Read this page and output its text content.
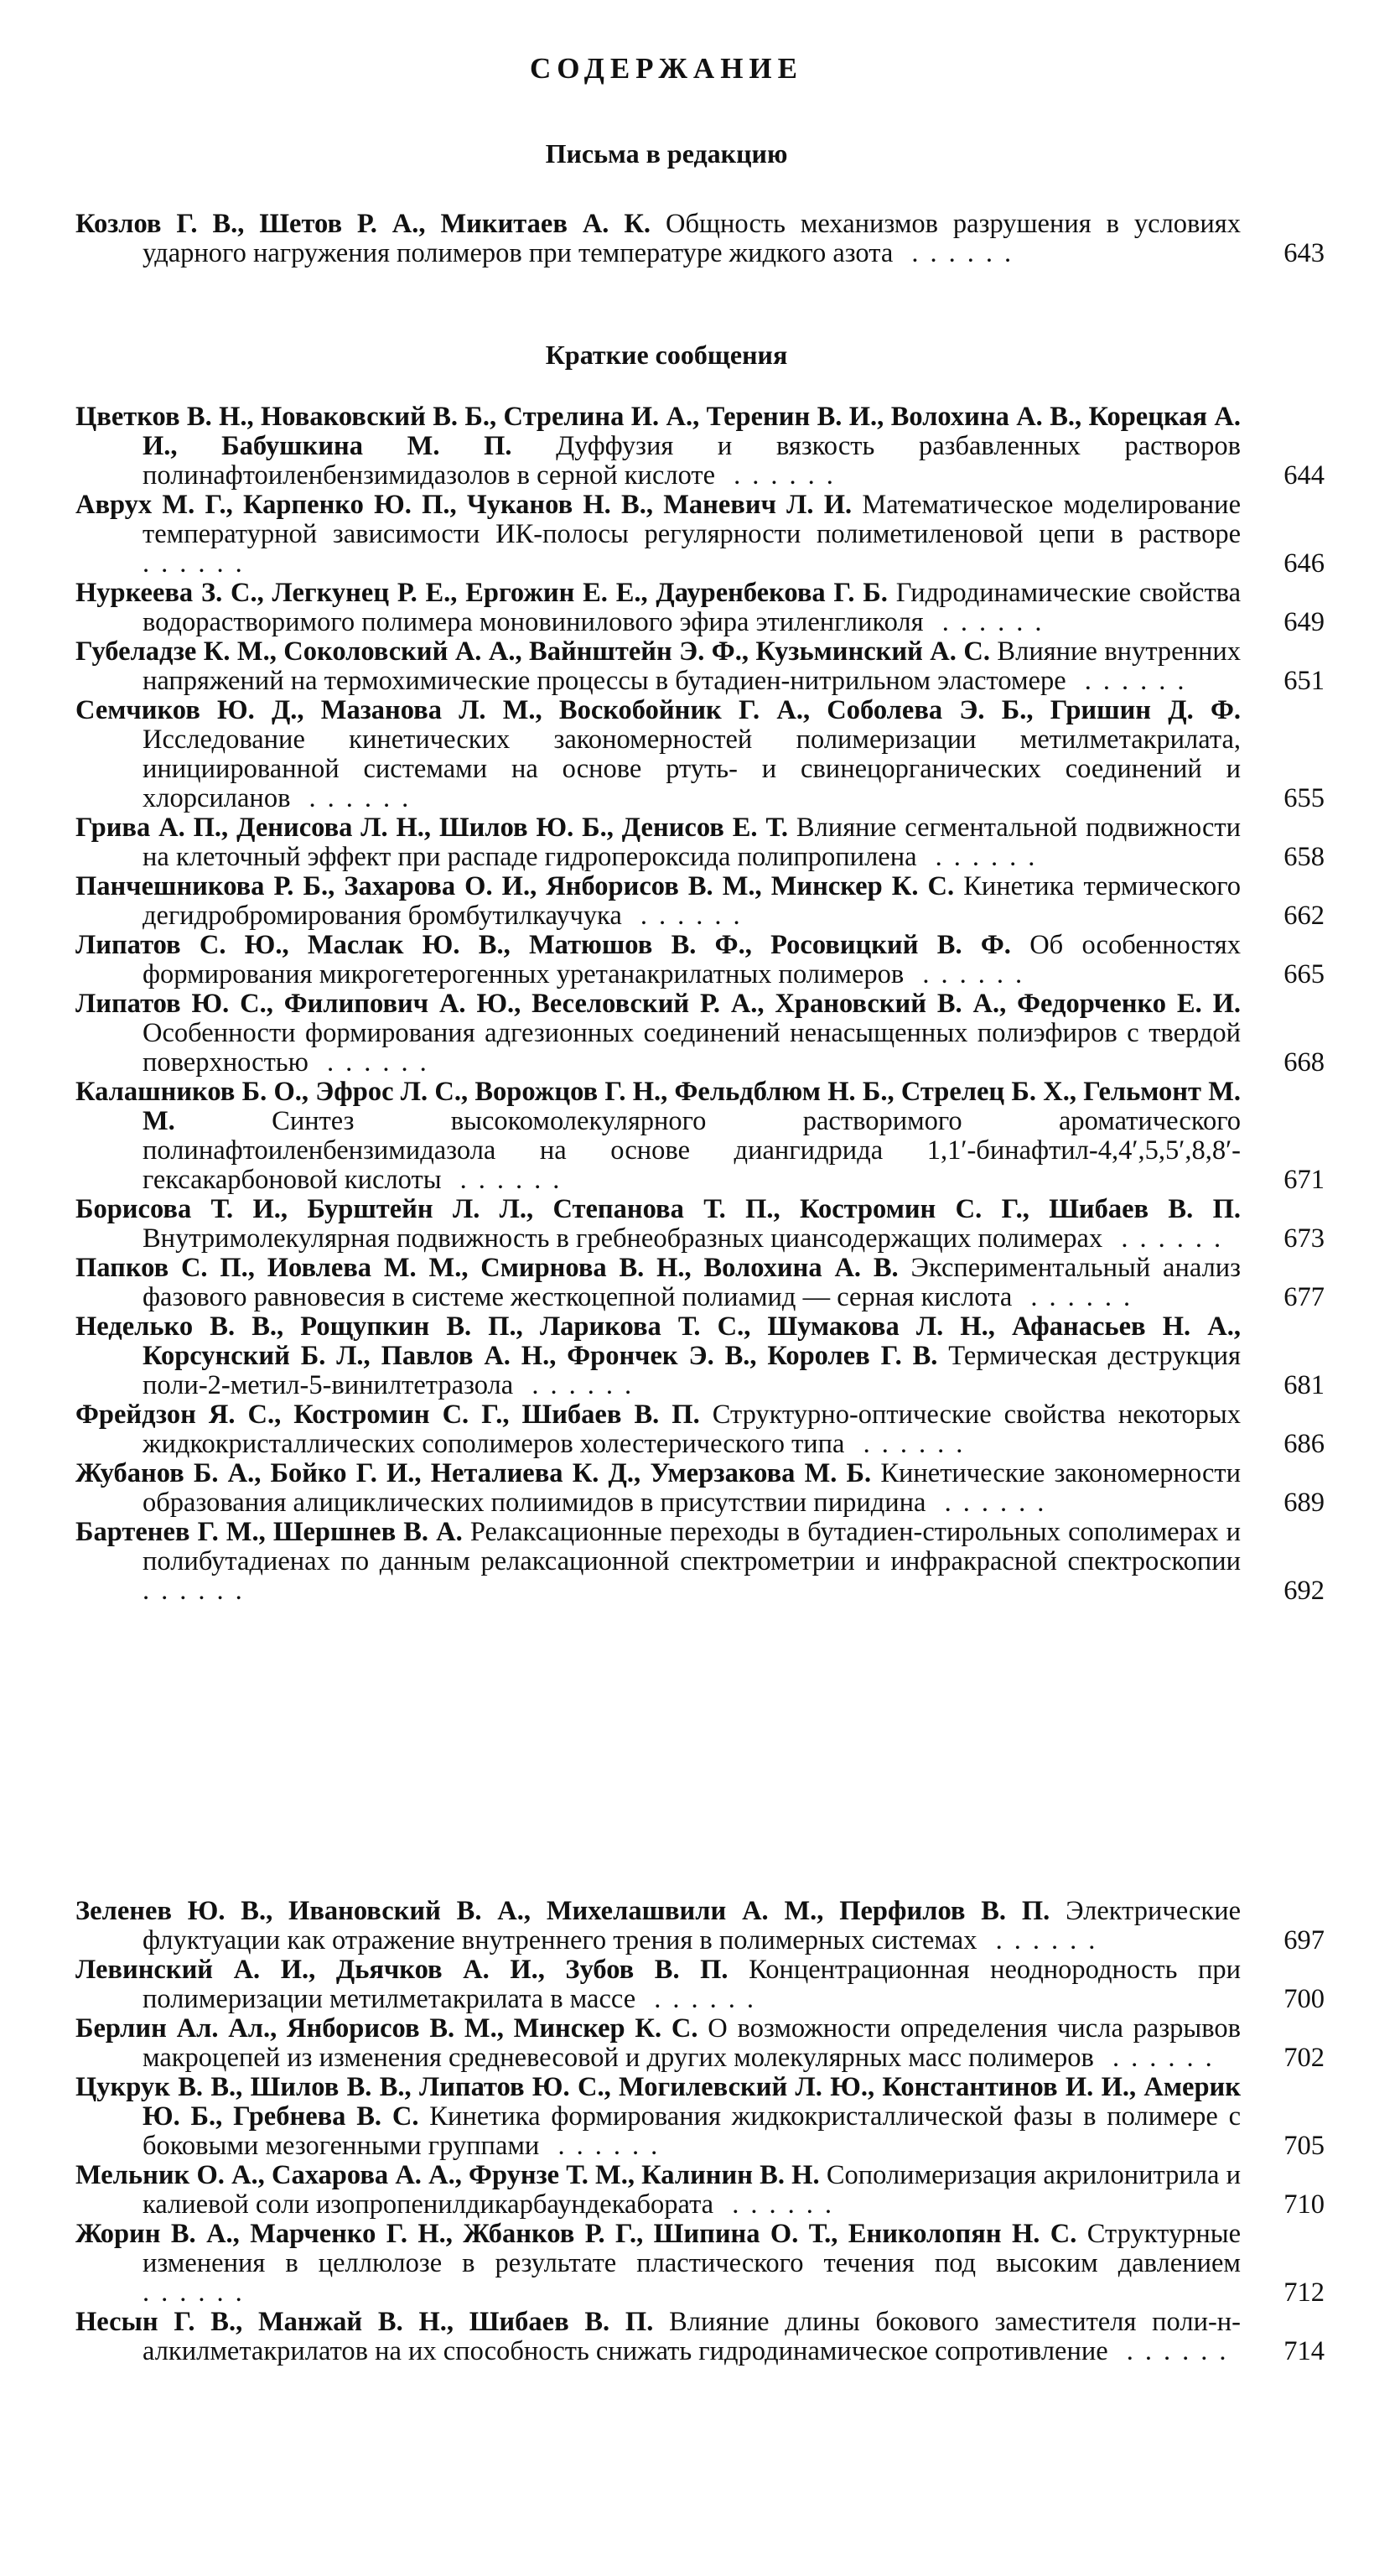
СОДЕРЖАНИЕ
Письма в редакцию
Козлов Г. В., Шетов Р. А., Микитаев А. К. Общность механизмов разрушения в условиях ударного нагружения полимеров при температуре жидкого азота ......	643
Краткие сообщения
Цветков В. Н., Новаковский В. Б., Стрелина И. А., Теренин В. И., Волохина А. В., Корецкая А. И., Бабушкина М. П. Дуффузия и вязкость разбавленных растворов полинафтоиленбензимидазолов в серной кислоте ......	644
Аврух М. Г., Карпенко Ю. П., Чуканов Н. В., Маневич Л. И. Математическое моделирование температурной зависимости ИК-полосы регулярности полиметиленовой цепи в растворе ......	646
Нуркеева З. С., Легкунец Р. Е., Ергожин Е. Е., Дауренбекова Г. Б. Гидродинамические свойства водорастворимого полимера моновинилового эфира этиленгликоля ......	649
Губеладзе К. М., Соколовский А. А., Вайнштейн Э. Ф., Кузьминский А. С. Влияние внутренних напряжений на термохимические процессы в бутадиен-нитрильном эластомере ......	651
Семчиков Ю. Д., Мазанова Л. М., Воскобойник Г. А., Соболева Э. Б., Гришин Д. Ф. Исследование кинетических закономерностей полимеризации метилметакрилата, инициированной системами на основе ртуть- и свинецорганических соединений и хлорсиланов ......	655
Грива А. П., Денисова Л. Н., Шилов Ю. Б., Денисов Е. Т. Влияние сегментальной подвижности на клеточный эффект при распаде гидропероксида полипропилена ......	658
Панчешникова Р. Б., Захарова О. И., Янборисов В. М., Минскер К. С. Кинетика термического дегидробромирования бромбутилкаучука ......	662
Липатов С. Ю., Маслак Ю. В., Матюшов В. Ф., Росовицкий В. Ф. Об особенностях формирования микрогетерогенных уретанакрилатных полимеров ......	665
Липатов Ю. С., Филипович А. Ю., Веселовский Р. А., Храновский В. А., Федорченко Е. И. Особенности формирования адгезионных соединений ненасыщенных полиэфиров с твердой поверхностью ......	668
Калашников Б. О., Эфрос Л. С., Ворожцов Г. Н., Фельдблюм Н. Б., Стрелец Б. Х., Гельмонт М. М.	Синтез высокомолекулярного растворимого ароматического полинафтоиленбензимидазола на основе диангидрида 1,1′-бинафтил-4,4′,5,5′,8,8′-гексакарбоновой кислоты ......	671
Борисова Т. И., Бурштейн Л. Л., Степанова Т. П., Костромин С. Г., Шибаев В. П. Внутримолекулярная подвижность в гребнеобразных циансодержащих полимерах ......	673
Папков С. П., Иовлева М. М., Смирнова В. Н., Волохина А. В. Экспериментальный анализ фазового равновесия в системе жесткоцепной полиамид — серная кислота ......	677
Неделько В. В., Рощупкин В. П., Ларикова Т. С., Шумакова Л. Н., Афанасьев Н. А., Корсунский Б. Л., Павлов А. Н., Фрончек Э. В., Королев Г. В. Термическая деструкция поли-2-метил-5-винилтетразола ......	681
Фрейдзон Я. С., Костромин С. Г., Шибаев В. П. Структурно-оптические свойства некоторых жидкокристаллических сополимеров холестерического типа ......	686
Жубанов Б. А., Бойко Г. И., Неталиева К. Д., Умерзакова М. Б. Кинетические закономерности образования алициклических полиимидов в присутствии пиридина ......	689
Бартенев Г. М., Шершнев В. А. Релаксационные переходы в бутадиен-стирольных сополимерах и полибутадиенах по данным релаксационной спектрометрии и инфракрасной спектроскопии ......	692
Зеленев Ю. В., Ивановский В. А., Михелашвили А. М., Перфилов В. П. Электрические флуктуации как отражение внутреннего трения в полимерных системах ......	697
Левинский А. И., Дьячков А. И., Зубов В. П. Концентрационная неоднородность при полимеризации метилметакрилата в массе ......	700
Берлин Ал. Ал., Янборисов В. М., Минскер К. С. О возможности определения числа разрывов макроцепей из изменения средневесовой и других молекулярных масс полимеров ......	702
Цукрук В. В., Шилов В. В., Липатов Ю. С., Могилевский Л. Ю., Константинов И. И., Америк Ю. Б., Гребнева В. С. Кинетика формирования жидкокристаллической фазы в полимере с боковыми мезогенными группами ......	705
Мельник О. А., Сахарова А. А., Фрунзе Т. М., Калинин В. Н. Сополимеризация акрилонитрила и калиевой соли изопропенилдикарбаундекабората ......	710
Жорин В. А., Марченко Г. Н., Жбанков Р. Г., Шипина О. Т., Ениколопян Н. С. Структурные изменения в целлюлозе в результате пластического течения под высоким давлением ......	712
Несын Г. В., Манжай В. Н., Шибаев В. П. Влияние длины бокового заместителя поли-н-алкилметакрилатов на их способность снижать гидродинамическое сопротивление ......	714
